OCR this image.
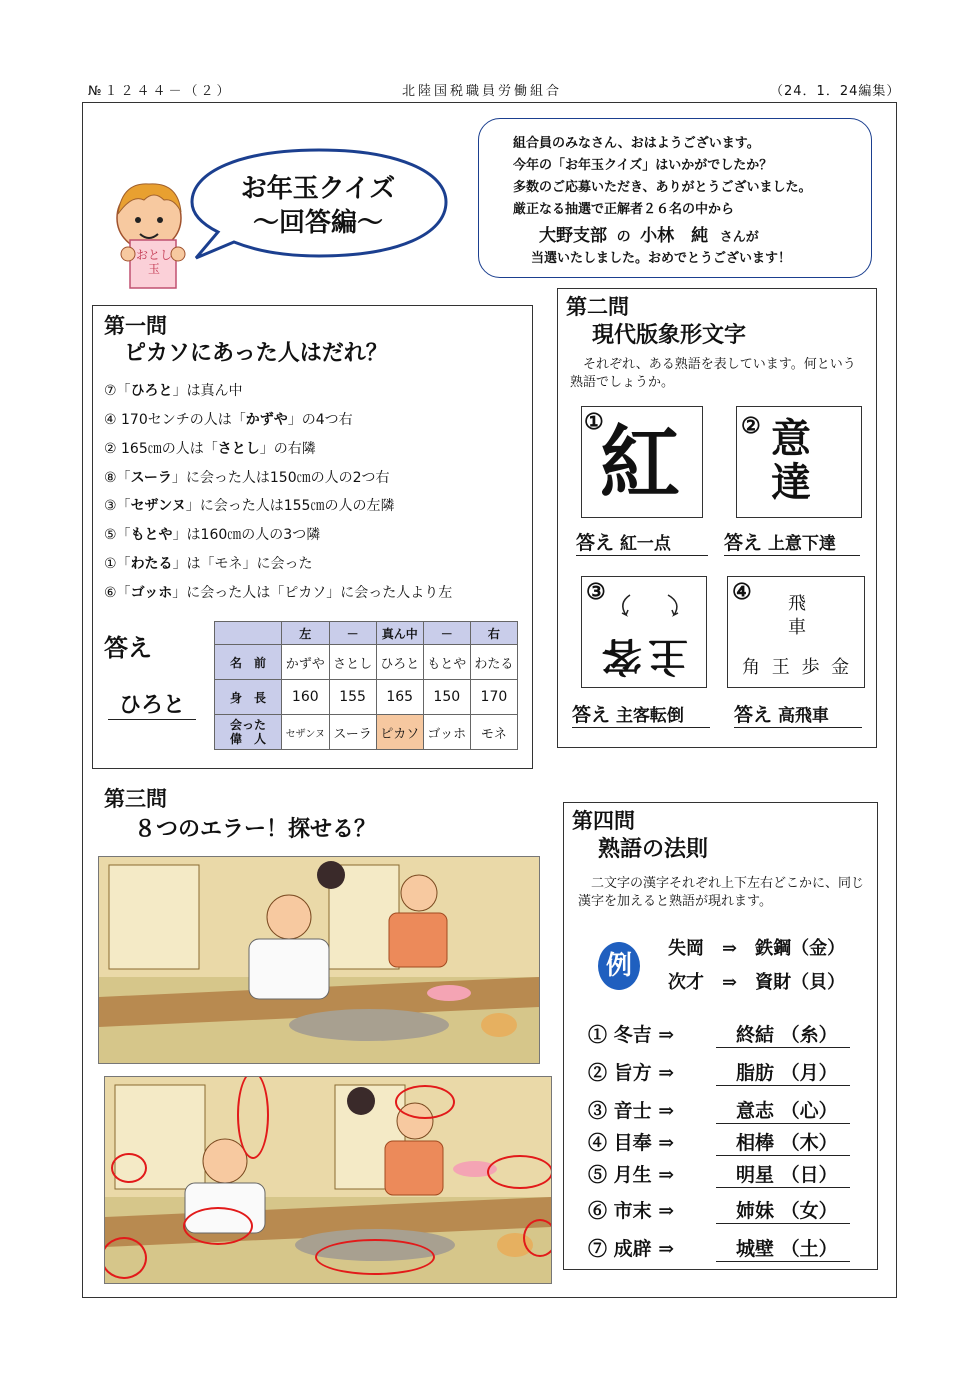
№１２４４－（２）	北陸国税職員労働組合	（24．1．24編集）
おとし玉
お年玉クイズ
～回答編～
組合員のみなさん、おはようございます。
今年の「お年玉クイズ」はいかがでしたか？
多数のご応募いただき、ありがとうございました。
厳正なる抽選で正解者２６名の中から
大野支部 の 小林　純 さんが
当選いたしました。おめでとうございます！
第一問
ピカソにあった人はだれ？
⑦「ひろと」は真ん中
④ 170センチの人は「かずや」の4つ右
② 165㎝の人は「さとし」の右隣
⑧「スーラ」に会った人は150㎝の人の2つ右
③「セザンヌ」に会った人は155㎝の人の左隣
⑤「もとや」は160㎝の人の3つ隣
①「わたる」は「モネ」に会った
⑥「ゴッホ」に会った人は「ピカソ」に会った人より左
答え
ひろと
	左	－	真ん中	－	右
名　前	かずや	さとし	ひろと	もとや	わたる
身　長	160	155	165	150	170

会った
偉　人	セザンヌ	スーラ	ピカソ	ゴッホ	モネ
第二問
現代版象形文字
それぞれ、ある熟語を表しています。何という熟語でしょうか。
①
紅	② 意
達
答え 紅一点	答え 上意下達
③
主客
④ 飛
車
角 王 歩 金
答え 主客転倒	答え 高飛車
第三問
８つのエラー！探せる？	第四問
熟語の法則
二文字の漢字それぞれ上下左右どこかに、同じ漢字を加えると熟語が現れます。
例
失岡　 ⇒　 鉄鋼（金）
次才　 ⇒　 資財（貝）
① 冬吉 ⇒	終結 （糸）
② 旨方 ⇒	脂肪 （月）
③ 音士 ⇒	意志 （心）
④ 目奉 ⇒	相棒 （木）
⑤ 月生 ⇒	明星 （日）
⑥ 市末 ⇒	姉妹 （女）
⑦ 成辟 ⇒	城壁 （土）
